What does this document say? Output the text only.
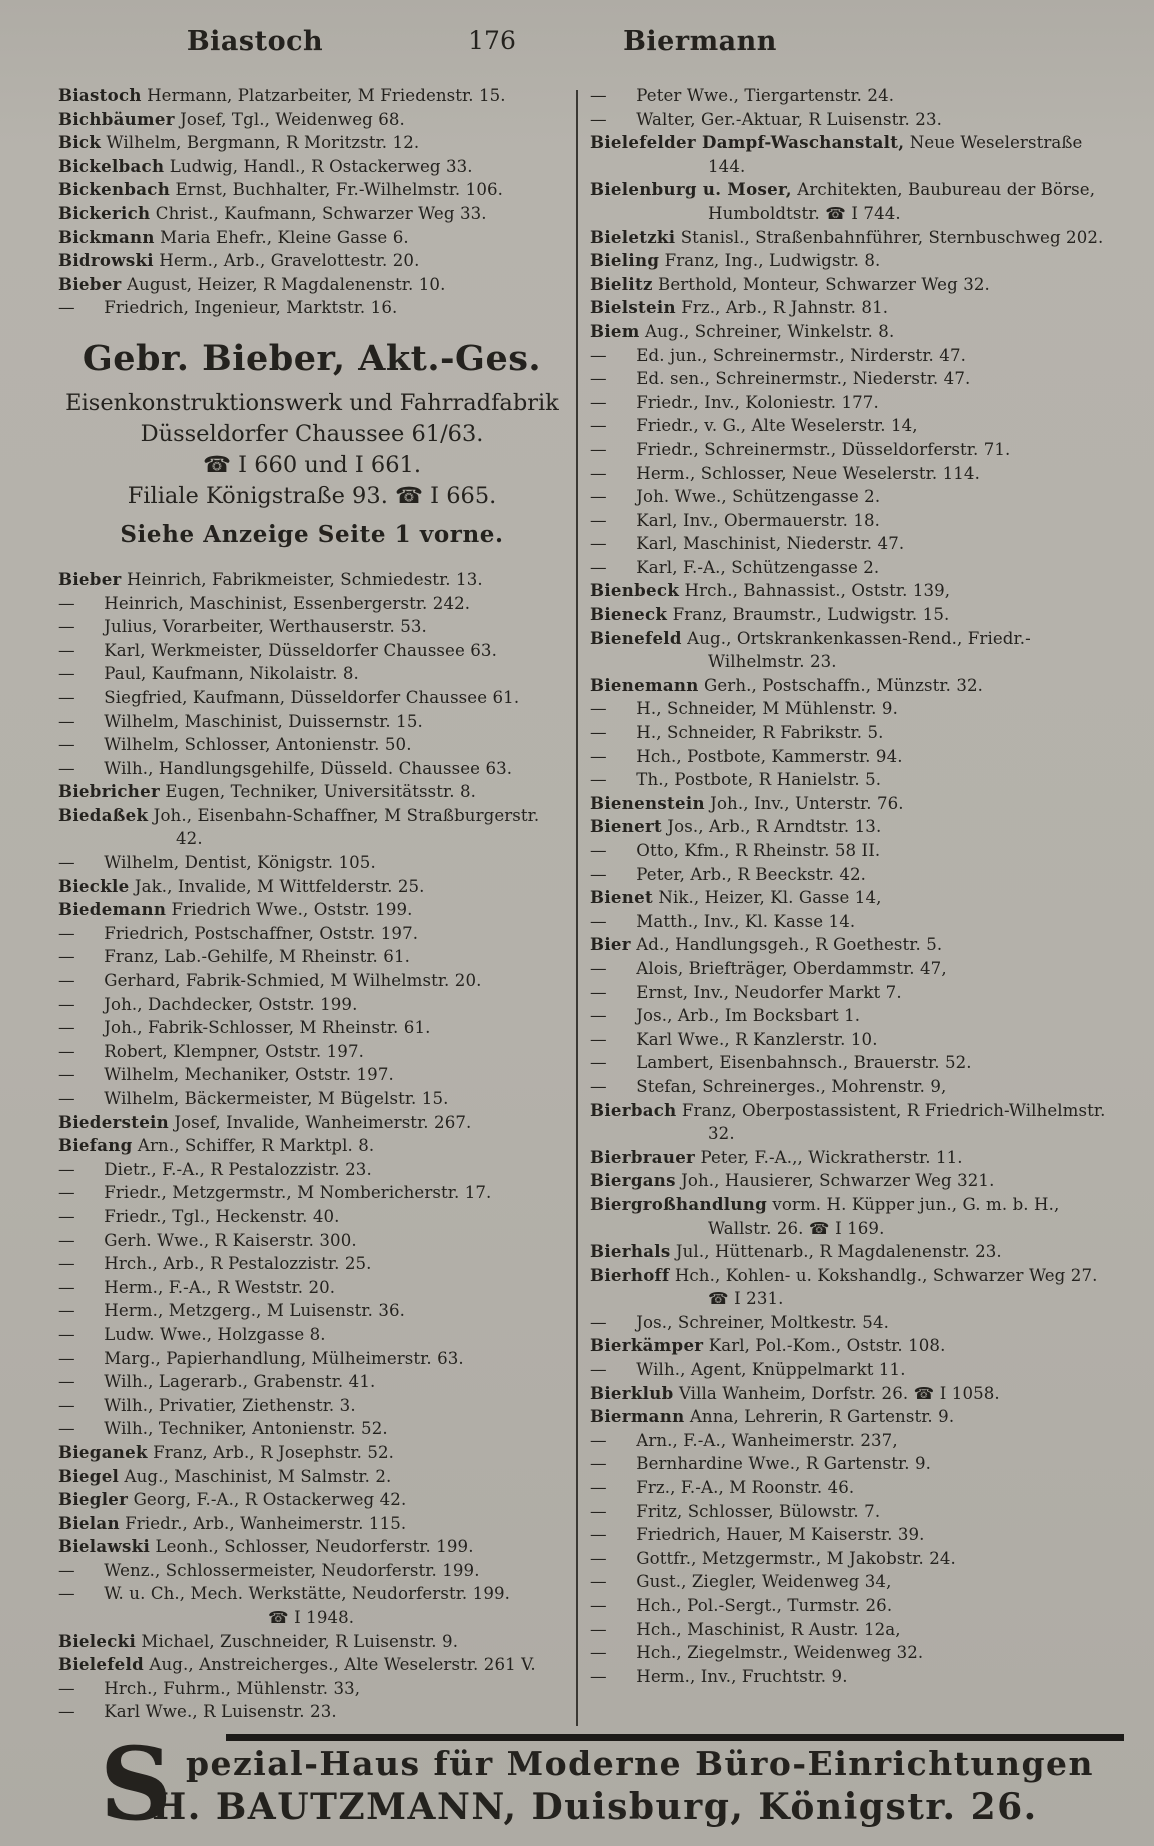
Biastoch	176	Biermann
Biastoch Hermann, Platzarbeiter, M Friedenstr. 15.
Bichbäumer Josef, Tgl., Weidenweg 68.
Bick Wilhelm, Bergmann, R Moritzstr. 12.
Bickelbach Ludwig, Handl., R Ostackerweg 33.
Bickenbach Ernst, Buchhalter, Fr.-Wilhelmstr. 106.
Bickerich Christ., Kaufmann, Schwarzer Weg 33.
Bickmann Maria Ehefr., Kleine Gasse 6.
Bidrowski Herm., Arb., Gravelottestr. 20.
Bieber August, Heizer, R Magdalenenstr. 10.
— Friedrich, Ingenieur, Marktstr. 16.
Gebr. Bieber, Akt.-Ges.
Eisenkonstruktionswerk und Fahrradfabrik
Düsseldorfer Chaussee 61/63.
☎ I 660 und I 661.
Filiale Königstraße 93. ☎ I 665.
Siehe Anzeige Seite 1 vorne.
Bieber Heinrich, Fabrikmeister, Schmiedestr. 13.
— Heinrich, Maschinist, Essenbergerstr. 242.
— Julius, Vorarbeiter, Werthauserstr. 53.
— Karl, Werkmeister, Düsseldorfer Chaussee 63.
— Paul, Kaufmann, Nikolaistr. 8.
— Siegfried, Kaufmann, Düsseldorfer Chaussee 61.
— Wilhelm, Maschinist, Duissernstr. 15.
— Wilhelm, Schlosser, Antonienstr. 50.
— Wilh., Handlungsgehilfe, Düsseld. Chaussee 63.
Biebricher Eugen, Techniker, Universitätsstr. 8.
Biedaßek Joh., Eisenbahn-Schaffner, M Straßburgerstr. 42.
— Wilhelm, Dentist, Königstr. 105.
Bieckle Jak., Invalide, M Wittfelderstr. 25.
Biedemann Friedrich Wwe., Oststr. 199.
— Friedrich, Postschaffner, Oststr. 197.
— Franz, Lab.-Gehilfe, M Rheinstr. 61.
— Gerhard, Fabrik-Schmied, M Wilhelmstr. 20.
— Joh., Dachdecker, Oststr. 199.
— Joh., Fabrik-Schlosser, M Rheinstr. 61.
— Robert, Klempner, Oststr. 197.
— Wilhelm, Mechaniker, Oststr. 197.
— Wilhelm, Bäckermeister, M Bügelstr. 15.
Biederstein Josef, Invalide, Wanheimerstr. 267.
Biefang Arn., Schiffer, R Marktpl. 8.
— Dietr., F.-A., R Pestalozzistr. 23.
— Friedr., Metzgermstr., M Nombericherstr. 17.
— Friedr., Tgl., Heckenstr. 40.
— Gerh. Wwe., R Kaiserstr. 300.
— Hrch., Arb., R Pestalozzistr. 25.
— Herm., F.-A., R Weststr. 20.
— Herm., Metzgerg., M Luisenstr. 36.
— Ludw. Wwe., Holzgasse 8.
— Marg., Papierhandlung, Mülheimerstr. 63.
— Wilh., Lagerarb., Grabenstr. 41.
— Wilh., Privatier, Ziethenstr. 3.
— Wilh., Techniker, Antonienstr. 52.
Bieganek Franz, Arb., R Josephstr. 52.
Biegel Aug., Maschinist, M Salmstr. 2.
Biegler Georg, F.-A., R Ostackerweg 42.
Bielan Friedr., Arb., Wanheimerstr. 115.
Bielawski Leonh., Schlosser, Neudorferstr. 199.
— Wenz., Schlossermeister, Neudorferstr. 199.
— W. u. Ch., Mech. Werkstätte, Neudorferstr. 199.
☎ I 1948.
Bielecki Michael, Zuschneider, R Luisenstr. 9.
Bielefeld Aug., Anstreicherges., Alte Weselerstr. 261 V.
— Hrch., Fuhrm., Mühlenstr. 33,
— Karl Wwe., R Luisenstr. 23.
— Peter Wwe., Tiergartenstr. 24.
— Walter, Ger.-Aktuar, R Luisenstr. 23.
Bielefelder Dampf-Waschanstalt, Neue Weselerstraße 144.
Bielenburg u. Moser, Architekten, Baubureau der Börse, Humboldtstr. ☎ I 744.
Bieletzki Stanisl., Straßenbahnführer, Sternbuschweg 202.
Bieling Franz, Ing., Ludwigstr. 8.
Bielitz Berthold, Monteur, Schwarzer Weg 32.
Bielstein Frz., Arb., R Jahnstr. 81.
Biem Aug., Schreiner, Winkelstr. 8.
— Ed. jun., Schreinermstr., Nirderstr. 47.
— Ed. sen., Schreinermstr., Niederstr. 47.
— Friedr., Inv., Koloniestr. 177.
— Friedr., v. G., Alte Weselerstr. 14,
— Friedr., Schreinermstr., Düsseldorferstr. 71.
— Herm., Schlosser, Neue Weselerstr. 114.
— Joh. Wwe., Schützengasse 2.
— Karl, Inv., Obermauerstr. 18.
— Karl, Maschinist, Niederstr. 47.
— Karl, F.-A., Schützengasse 2.
Bienbeck Hrch., Bahnassist., Oststr. 139,
Bieneck Franz, Braumstr., Ludwigstr. 15.
Bienefeld Aug., Ortskrankenkassen-Rend., Friedr.-Wilhelmstr. 23.
Bienemann Gerh., Postschaffn., Münzstr. 32.
— H., Schneider, M Mühlenstr. 9.
— H., Schneider, R Fabrikstr. 5.
— Hch., Postbote, Kammerstr. 94.
— Th., Postbote, R Hanielstr. 5.
Bienenstein Joh., Inv., Unterstr. 76.
Bienert Jos., Arb., R Arndtstr. 13.
— Otto, Kfm., R Rheinstr. 58 II.
— Peter, Arb., R Beeckstr. 42.
Bienet Nik., Heizer, Kl. Gasse 14,
— Matth., Inv., Kl. Kasse 14.
Bier Ad., Handlungsgeh., R Goethestr. 5.
— Alois, Briefträger, Oberdammstr. 47,
— Ernst, Inv., Neudorfer Markt 7.
— Jos., Arb., Im Bocksbart 1.
— Karl Wwe., R Kanzlerstr. 10.
— Lambert, Eisenbahnsch., Brauerstr. 52.
— Stefan, Schreinerges., Mohrenstr. 9,
Bierbach Franz, Oberpostassistent, R Friedrich-Wilhelmstr. 32.
Bierbrauer Peter, F.-A.,, Wickratherstr. 11.
Biergans Joh., Hausierer, Schwarzer Weg 321.
Biergroßhandlung vorm. H. Küpper jun., G. m. b. H., Wallstr. 26. ☎ I 169.
Bierhals Jul., Hüttenarb., R Magdalenenstr. 23.
Bierhoff Hch., Kohlen- u. Kokshandlg., Schwarzer Weg 27. ☎ I 231.
— Jos., Schreiner, Moltkestr. 54.
Bierkämper Karl, Pol.-Kom., Oststr. 108.
— Wilh., Agent, Knüppelmarkt 11.
Bierklub Villa Wanheim, Dorfstr. 26. ☎ I 1058.
Biermann Anna, Lehrerin, R Gartenstr. 9.
— Arn., F.-A., Wanheimerstr. 237,
— Bernhardine Wwe., R Gartenstr. 9.
— Frz., F.-A., M Roonstr. 46.
— Fritz, Schlosser, Bülowstr. 7.
— Friedrich, Hauer, M Kaiserstr. 39.
— Gottfr., Metzgermstr., M Jakobstr. 24.
— Gust., Ziegler, Weidenweg 34,
— Hch., Pol.-Sergt., Turmstr. 26.
— Hch., Maschinist, R Austr. 12a,
— Hch., Ziegelmstr., Weidenweg 32.
— Herm., Inv., Fruchtstr. 9.
S pezial-Haus für Moderne Büro-Einrichtungen
H. BAUTZMANN, Duisburg, Königstr. 26.
